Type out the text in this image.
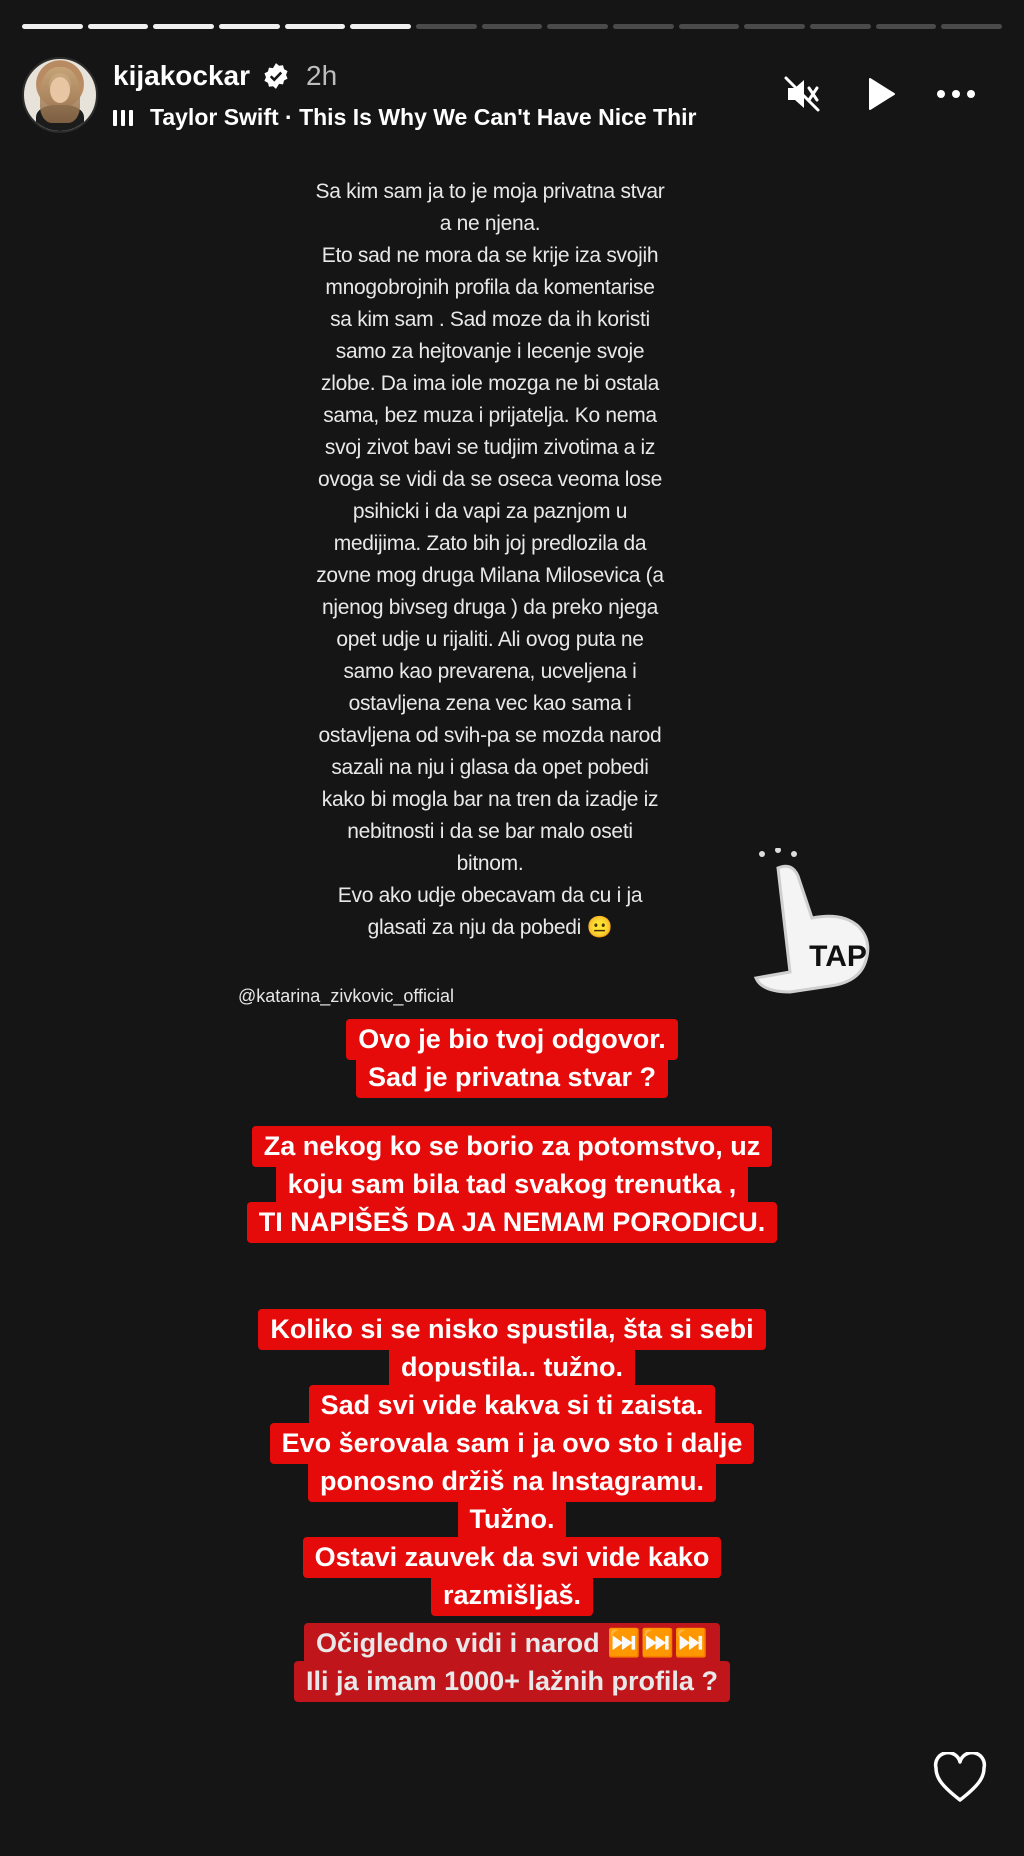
kijakockar 2h
Taylor Swift · This Is Why We Can't Have Nice Thir
Sa kim sam ja to je moja privatna stvar
a ne njena.
Eto sad ne mora da se krije iza svojih
mnogobrojnih profila da komentarise
sa kim sam . Sad moze da ih koristi
samo za hejtovanje i lecenje svoje
zlobe. Da ima iole mozga ne bi ostala
sama, bez muza i prijatelja. Ko nema
svoj zivot bavi se tudjim zivotima a iz
ovoga se vidi da se oseca veoma lose
psihicki i da vapi za paznjom u
medijima. Zato bih joj predlozila da
zovne mog druga Milana Milosevica (a
njenog bivseg druga ) da preko njega
opet udje u rijaliti. Ali ovog puta ne
samo kao prevarena, ucveljena i
ostavljena zena vec kao sama i
ostavljena od svih-pa se mozda narod
sazali na nju i glasa da opet pobedi
kako bi mogla bar na tren da izadje iz
nebitnosti i da se bar malo oseti
bitnom.
Evo ako udje obecavam da cu i ja
glasati za nju da pobedi 😐
TAP
@katarina_zivkovic_official
Ovo je bio tvoj odgovor.
Sad je privatna stvar ?
Za nekog ko se borio za potomstvo, uz
koju sam bila tad svakog trenutka ,
TI NAPIŠEŠ DA JA NEMAM PORODICU.
Koliko si se nisko spustila, šta si sebi
dopustila.. tužno.
Sad svi vide kakva si ti zaista.
Evo šerovala sam i ja ovo sto i dalje
ponosno držiš na Instagramu.
Tužno.
Ostavi zauvek da svi vide kako
razmišljaš.
Očigledno vidi i narod ⏭️⏭️⏭️
Ili ja imam 1000+ lažnih profila ?
